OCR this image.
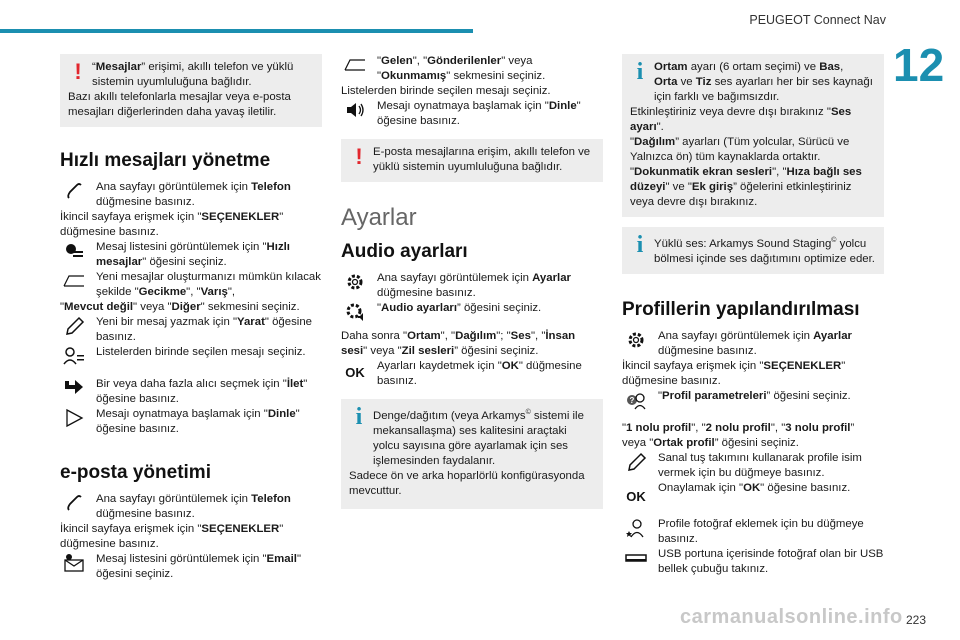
PEUGEOT Connect Nav
12
carmanualsonline.info 223
! “Mesajlar” erişimi, akıllı telefon ve yüklü sistemin uyumluluğuna bağlıdır.

Bazı akıllı telefonlarla mesajlar veya e-posta mesajları diğerlerinden daha yavaş iletilir.

Hızlı mesajları yönetme

Ana sayfayı görüntülemek için Telefon düğmesine basınız.

İkincil sayfaya erişmek için "SEÇENEKLER" düğmesine basınız.

Mesaj listesini görüntülemek için "Hızlı mesajlar" öğesini seçiniz.

Yeni mesajlar oluşturmanızı mümkün kılacak şekilde "Gecikme", "Varış",

"Mevcut değil" veya "Diğer" sekmesini seçiniz.

Yeni bir mesaj yazmak için "Yarat" öğesine basınız.

Listelerden birinde seçilen mesajı seçiniz.

Bir veya daha fazla alıcı seçmek için "İlet" öğesine basınız.

Mesajı oynatmaya başlamak için "Dinle" öğesine basınız.

e-posta yönetimi

Ana sayfayı görüntülemek için Telefon düğmesine basınız.

İkincil sayfaya erişmek için "SEÇENEKLER" düğmesine basınız.

Mesaj listesini görüntülemek için "Email" öğesini seçiniz.

"Gelen", "Gönderilenler" veya "Okunmamış" sekmesini seçiniz.

Listelerden birinde seçilen mesajı seçiniz.

Mesajı oynatmaya başlamak için "Dinle" öğesine basınız.

! E-posta mesajlarına erişim, akıllı telefon ve yüklü sistemin uyumluluğuna bağlıdır.

Ayarlar
Audio ayarları

Ana sayfayı görüntülemek için Ayarlar düğmesine basınız.

"Audio ayarları” öğesini seçiniz.

Daha sonra "Ortam", "Dağılım"; "Ses", "İnsan sesi" veya "Zil sesleri” öğesini seçiniz.

OK Ayarları kaydetmek için "OK" düğmesine basınız.

i Denge/dağıtım (veya Arkamys© sistemi ile mekansallaşma) ses kalitesini araçtaki yolcu sayısına göre ayarlamak için ses işlemesinden faydalanır.

Sadece ön ve arka hoparlörlü konfigürasyonda mevcuttur.

i Ortam ayarı (6 ortam seçimi) ve Bas,

Orta ve Tiz ses ayarları her bir ses kaynağı için farklı ve bağımsızdır.

Etkinleştiriniz veya devre dışı bırakınız "Ses ayarı".

"Dağılım” ayarları (Tüm yolcular, Sürücü ve Yalnızca ön) tüm kaynaklarda ortaktır.

"Dokunmatik ekran sesleri", "Hıza bağlı ses düzeyi" ve "Ek giriş” öğelerini etkinleştiriniz veya devre dışı bırakınız.

i Yüklü ses: Arkamys Sound Staging© yolcu bölmesi içinde ses dağıtımını optimize eder.

Profillerin yapılandırılması

Ana sayfayı görüntülemek için Ayarlar düğmesine basınız.

İkincil sayfaya erişmek için "SEÇENEKLER" düğmesine basınız.

? "Profil parametreleri” öğesini seçiniz.

"1 nolu profil", "2 nolu profil", "3 nolu profil”

veya "Ortak profil” öğesini seçiniz.

Sanal tuş takımını kullanarak profile isim vermek için bu düğmeye basınız.

OK

Onaylamak için "OK" öğesine basınız.

Profile fotoğraf eklemek için bu düğmeye basınız.

USB portuna içerisinde fotoğraf olan bir USB bellek çubuğu takınız.
